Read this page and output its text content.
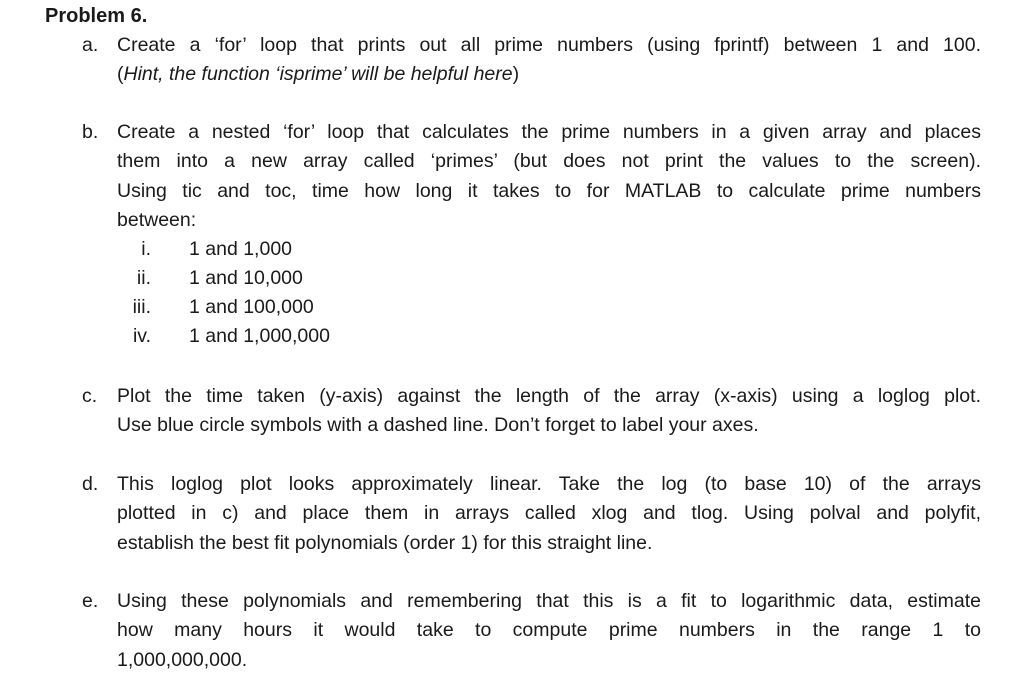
Problem 6.
a. Create a ‘for’ loop that prints out all prime numbers (using fprintf) between 1 and 100.
(Hint, the function ‘isprime’ will be helpful here)
b. Create a nested ‘for’ loop that calculates the prime numbers in a given array and places
them into a new array called ‘primes’ (but does not print the values to the screen).
Using tic and toc, time how long it takes to for MATLAB to calculate prime numbers
between:
i. 1 and 1,000
ii. 1 and 10,000
iii. 1 and 100,000
iv. 1 and 1,000,000
c. Plot the time taken (y-axis) against the length of the array (x-axis) using a loglog plot.
Use blue circle symbols with a dashed line. Don’t forget to label your axes.
d. This loglog plot looks approximately linear. Take the log (to base 10) of the arrays
plotted in c) and place them in arrays called xlog and tlog. Using polval and polyfit,
establish the best fit polynomials (order 1) for this straight line.
e. Using these polynomials and remembering that this is a fit to logarithmic data, estimate
how many hours it would take to compute prime numbers in the range 1 to
1,000,000,000.
